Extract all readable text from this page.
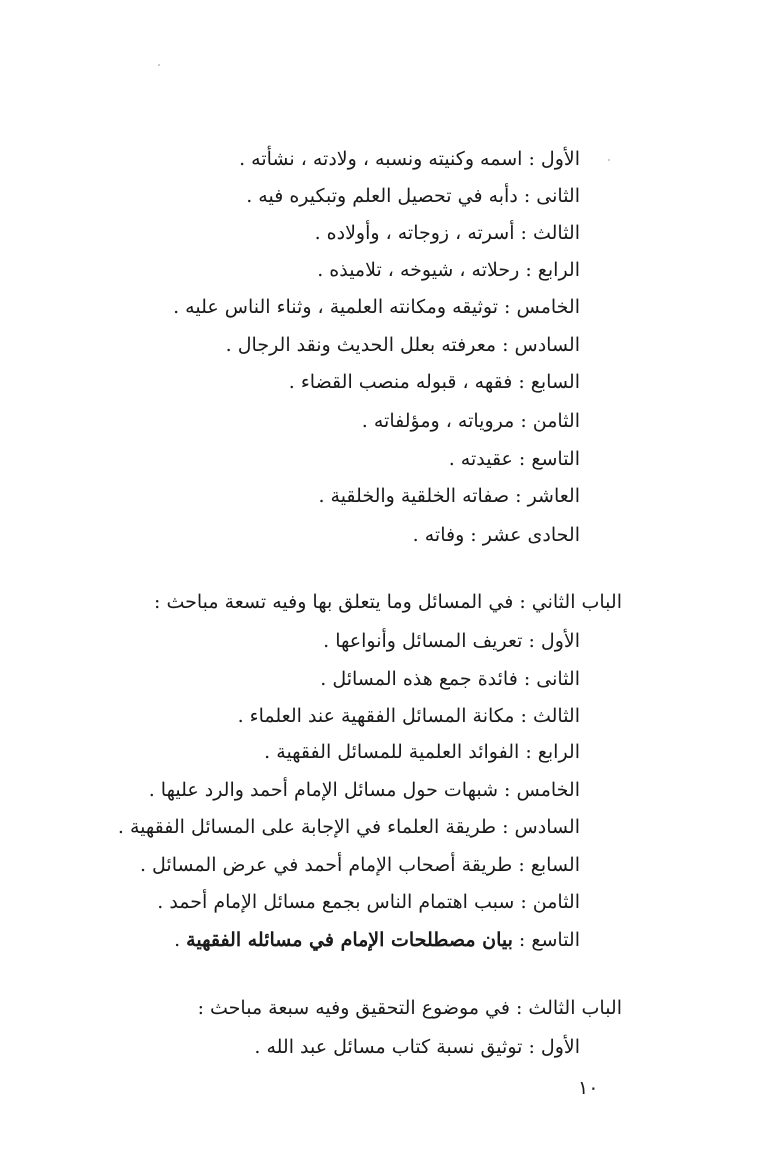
الأول : اسمه وكنيته ونسبه ، ولادته ، نشأته .
الثانى : دأبه في تحصيل العلم وتبكيره فيه .
الثالث : أسرته ، زوجاته ، وأولاده .
الرابع : رحلاته ، شيوخه ، تلاميذه .
الخامس : توثيقه ومكانته العلمية ، وثناء الناس عليه .
السادس : معرفته بعلل الحديث ونقد الرجال .
السابع : فقهه ، قبوله منصب القضاء .
الثامن : مروياته ، ومؤلفاته .
التاسع : عقيدته .
العاشر : صفاته الخلقية والخلقية .
الحادى عشر : وفاته .
الباب الثاني : في المسائل وما يتعلق بها وفيه تسعة مباحث :
الأول : تعريف المسائل وأنواعها .
الثانى : فائدة جمع هذه المسائل .
الثالث : مكانة المسائل الفقهية عند العلماء .
الرابع : الفوائد العلمية للمسائل الفقهية .
الخامس : شبهات حول مسائل الإمام أحمد والرد عليها .
السادس : طريقة العلماء في الإجابة على المسائل الفقهية .
السابع : طريقة أصحاب الإمام أحمد في عرض المسائل .
الثامن : سبب اهتمام الناس بجمع مسائل الإمام أحمد .
التاسع : بيان مصطلحات الإمام في مسائله الفقهية .
الباب الثالث : في موضوع التحقيق وفيه سبعة مباحث :
الأول : توثيق نسبة كتاب مسائل عبد الله .
١٠
